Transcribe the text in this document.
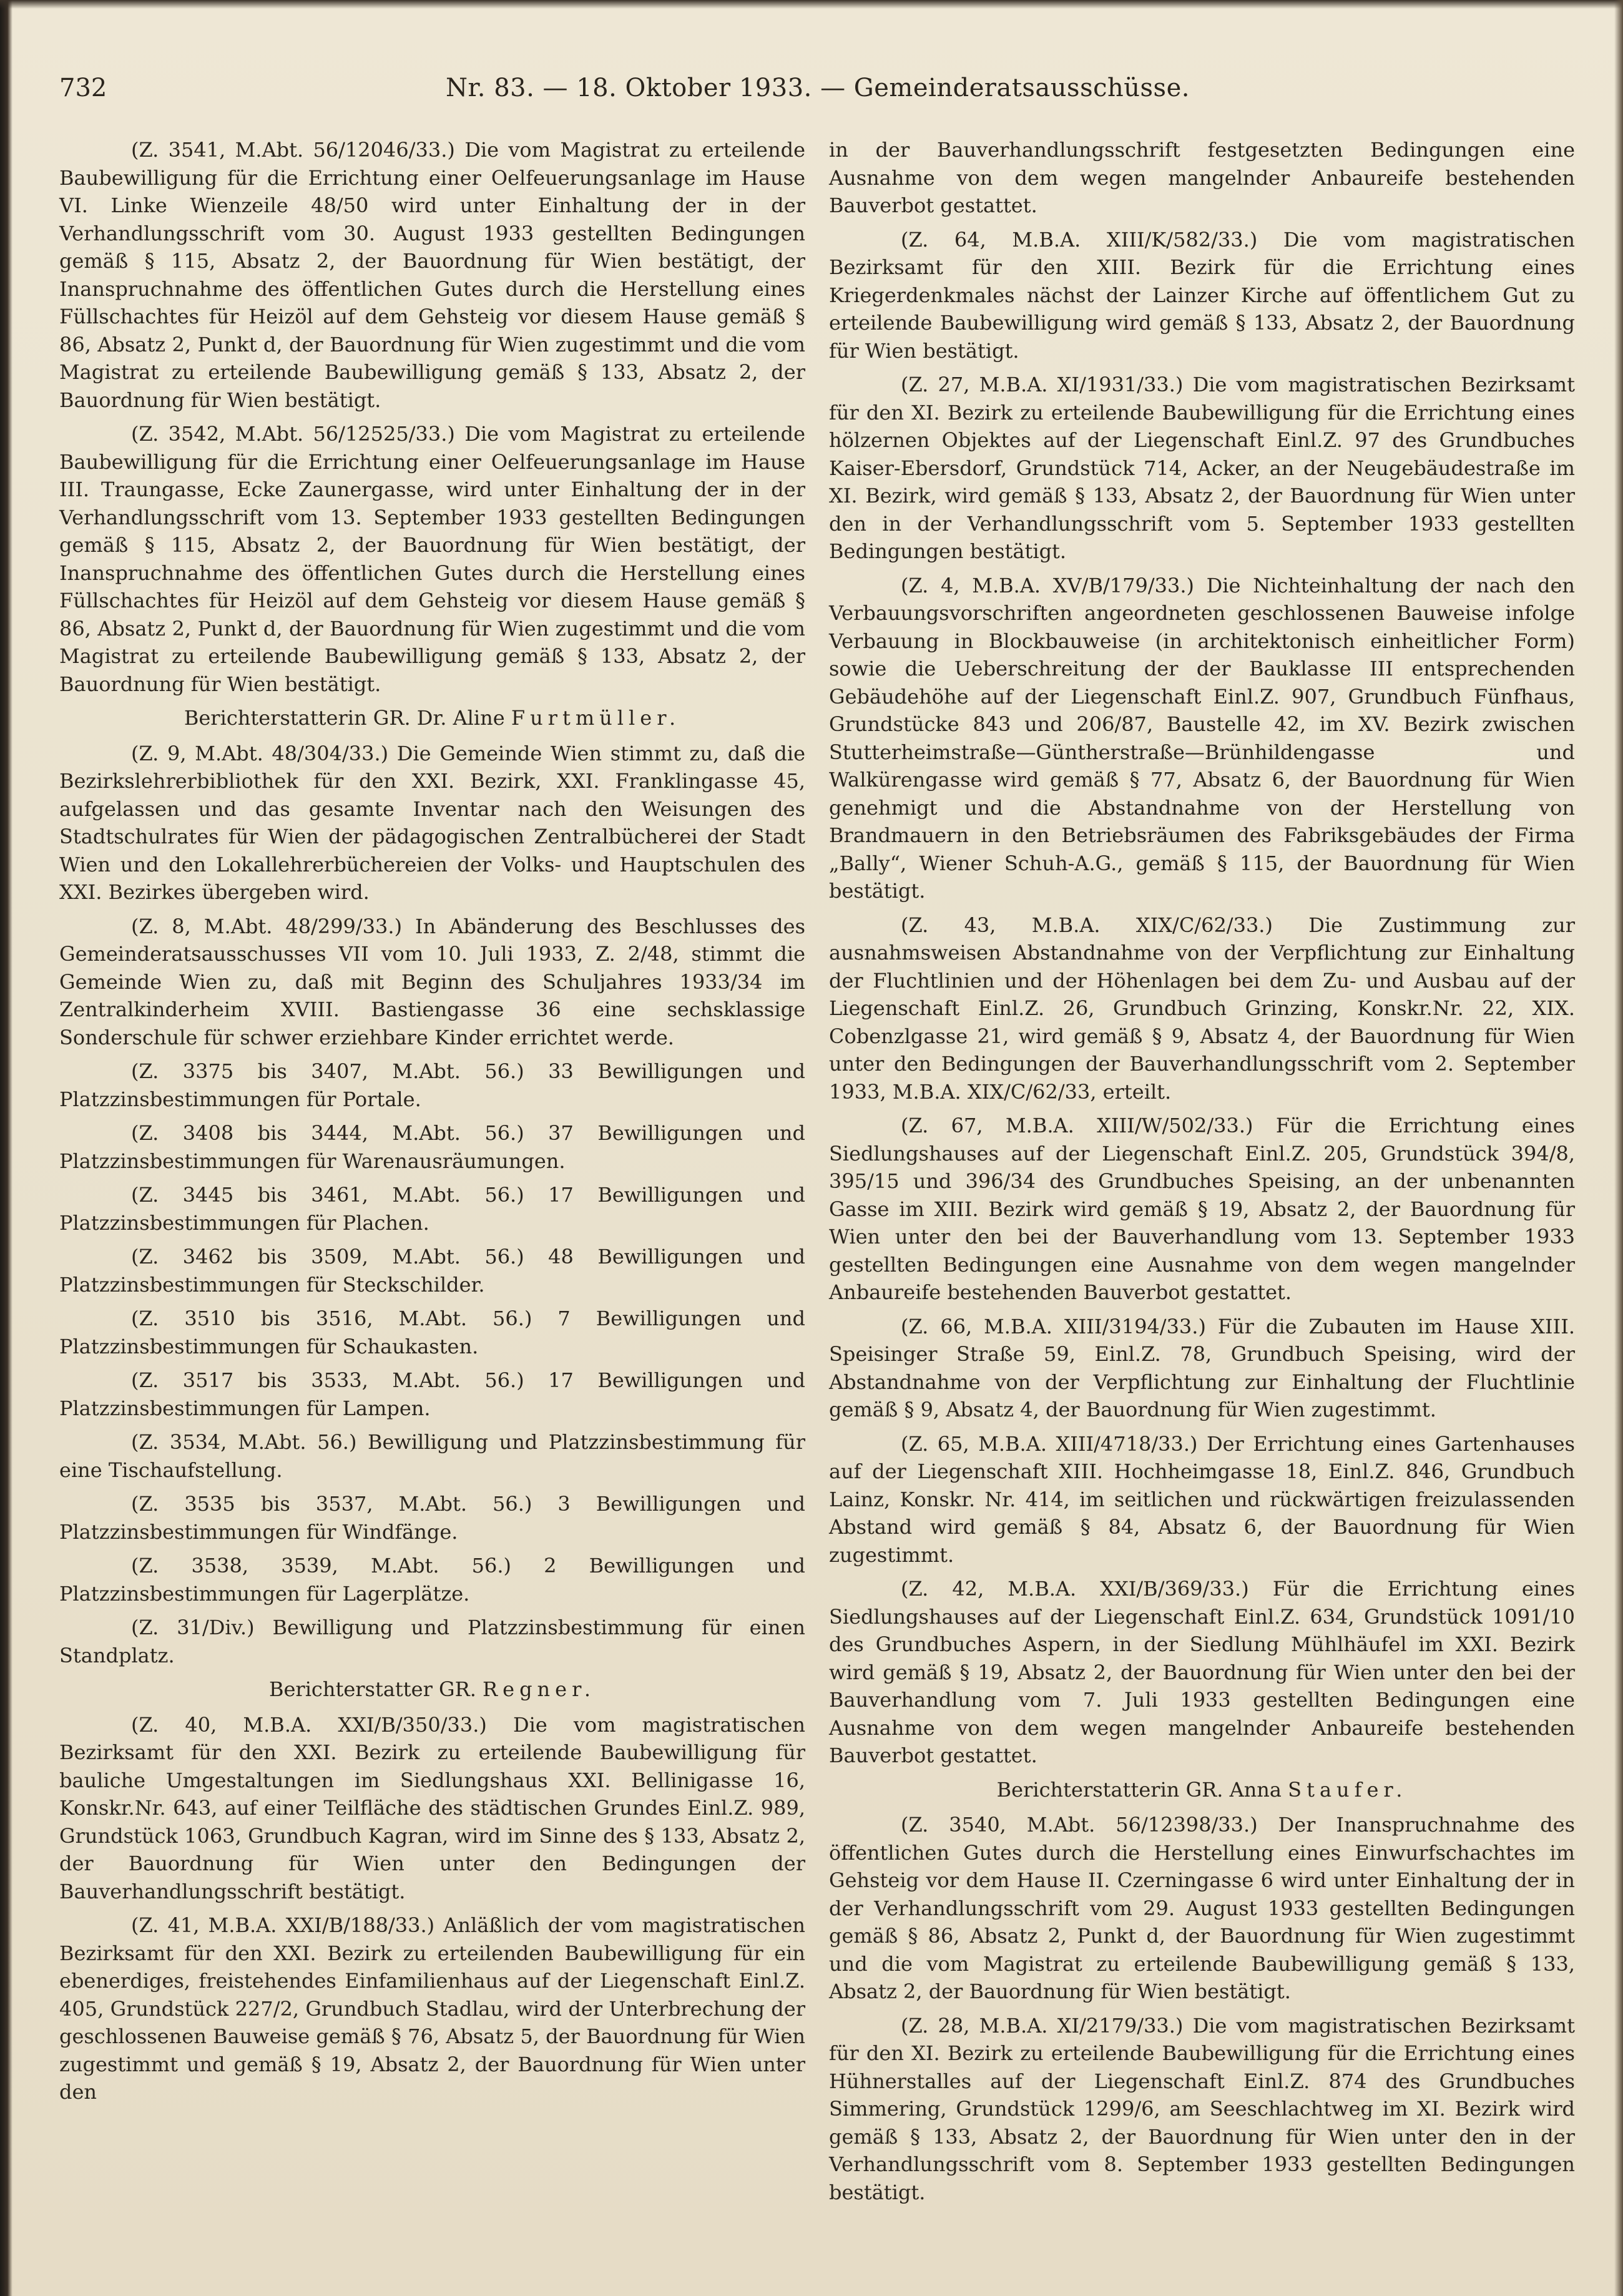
732	Nr. 83. — 18. Oktober 1933. — Gemeinderatsausschüsse.

(Z. 3541, M.Abt. 56/12046/33.) Die vom Magistrat zu erteilende Baubewilligung für die Errichtung einer Oelfeuerungsanlage im Hause VI. Linke Wienzeile 48/50 wird unter Einhaltung der in der Verhandlungsschrift vom 30. August 1933 gestellten Bedingungen gemäß § 115, Absatz 2, der Bauordnung für Wien bestätigt, der Inanspruchnahme des öffentlichen Gutes durch die Herstellung eines Füllschachtes für Heizöl auf dem Gehsteig vor diesem Hause gemäß § 86, Absatz 2, Punkt d, der Bauordnung für Wien zugestimmt und die vom Magistrat zu erteilende Baubewilligung gemäß § 133, Absatz 2, der Bauordnung für Wien bestätigt.

(Z. 3542, M.Abt. 56/12525/33.) Die vom Magistrat zu erteilende Baubewilligung für die Errichtung einer Oelfeuerungsanlage im Hause III. Traungasse, Ecke Zaunergasse, wird unter Einhaltung der in der Verhandlungsschrift vom 13. September 1933 gestellten Bedingungen gemäß § 115, Absatz 2, der Bauordnung für Wien bestätigt, der Inanspruchnahme des öffentlichen Gutes durch die Herstellung eines Füllschachtes für Heizöl auf dem Gehsteig vor diesem Hause gemäß § 86, Absatz 2, Punkt d, der Bauordnung für Wien zugestimmt und die vom Magistrat zu erteilende Baubewilligung gemäß § 133, Absatz 2, der Bauordnung für Wien bestätigt.

Berichterstatterin GR. Dr. Aline Furtmüller.

(Z. 9, M.Abt. 48/304/33.) Die Gemeinde Wien stimmt zu, daß die Bezirkslehrerbibliothek für den XXI. Bezirk, XXI. Franklingasse 45, aufgelassen und das gesamte Inventar nach den Weisungen des Stadtschulrates für Wien der pädagogischen Zentralbücherei der Stadt Wien und den Lokallehrerbüchereien der Volks- und Hauptschulen des XXI. Bezirkes übergeben wird.

(Z. 8, M.Abt. 48/299/33.) In Abänderung des Beschlusses des Gemeinderatsausschusses VII vom 10. Juli 1933, Z. 2/48, stimmt die Gemeinde Wien zu, daß mit Beginn des Schuljahres 1933/34 im Zentralkinderheim XVIII. Bastiengasse 36 eine sechsklassige Sonderschule für schwer erziehbare Kinder errichtet werde.

(Z. 3375 bis 3407, M.Abt. 56.) 33 Bewilligungen und Platzzinsbestimmungen für Portale.

(Z. 3408 bis 3444, M.Abt. 56.) 37 Bewilligungen und Platzzinsbestimmungen für Warenausräumungen.

(Z. 3445 bis 3461, M.Abt. 56.) 17 Bewilligungen und Platzzinsbestimmungen für Plachen.

(Z. 3462 bis 3509, M.Abt. 56.) 48 Bewilligungen und Platzzinsbestimmungen für Steckschilder.

(Z. 3510 bis 3516, M.Abt. 56.) 7 Bewilligungen und Platzzinsbestimmungen für Schaukasten.

(Z. 3517 bis 3533, M.Abt. 56.) 17 Bewilligungen und Platzzinsbestimmungen für Lampen.

(Z. 3534, M.Abt. 56.) Bewilligung und Platzzinsbestimmung für eine Tischaufstellung.

(Z. 3535 bis 3537, M.Abt. 56.) 3 Bewilligungen und Platzzinsbestimmungen für Windfänge.

(Z. 3538, 3539, M.Abt. 56.) 2 Bewilligungen und Platzzinsbestimmungen für Lagerplätze.

(Z. 31/Div.) Bewilligung und Platzzinsbestimmung für einen Standplatz.

Berichterstatter GR. Regner.

(Z. 40, M.B.A. XXI/B/350/33.) Die vom magistratischen Bezirksamt für den XXI. Bezirk zu erteilende Baubewilligung für bauliche Umgestaltungen im Siedlungshaus XXI. Bellinigasse 16, Konskr.Nr. 643, auf einer Teilfläche des städtischen Grundes Einl.Z. 989, Grundstück 1063, Grundbuch Kagran, wird im Sinne des § 133, Absatz 2, der Bauordnung für Wien unter den Bedingungen der Bauverhandlungsschrift bestätigt.

(Z. 41, M.B.A. XXI/B/188/33.) Anläßlich der vom magistratischen Bezirksamt für den XXI. Bezirk zu erteilenden Baubewilligung für ein ebenerdiges, freistehendes Einfamilienhaus auf der Liegenschaft Einl.Z. 405, Grundstück 227/2, Grundbuch Stadlau, wird der Unterbrechung der geschlossenen Bauweise gemäß § 76, Absatz 5, der Bauordnung für Wien zugestimmt und gemäß § 19, Absatz 2, der Bauordnung für Wien unter den

in der Bauverhandlungsschrift festgesetzten Bedingungen eine Ausnahme von dem wegen mangelnder Anbaureife bestehenden Bauverbot gestattet.

(Z. 64, M.B.A. XIII/K/582/33.) Die vom magistratischen Bezirksamt für den XIII. Bezirk für die Errichtung eines Kriegerdenkmales nächst der Lainzer Kirche auf öffentlichem Gut zu erteilende Baubewilligung wird gemäß § 133, Absatz 2, der Bauordnung für Wien bestätigt.

(Z. 27, M.B.A. XI/1931/33.) Die vom magistratischen Bezirksamt für den XI. Bezirk zu erteilende Baubewilligung für die Errichtung eines hölzernen Objektes auf der Liegenschaft Einl.Z. 97 des Grundbuches Kaiser-Ebersdorf, Grundstück 714, Acker, an der Neugebäudestraße im XI. Bezirk, wird gemäß § 133, Absatz 2, der Bauordnung für Wien unter den in der Verhandlungsschrift vom 5. September 1933 gestellten Bedingungen bestätigt.

(Z. 4, M.B.A. XV/B/179/33.) Die Nichteinhaltung der nach den Verbauungsvorschriften angeordneten geschlossenen Bauweise infolge Verbauung in Blockbauweise (in architektonisch einheitlicher Form) sowie die Ueberschreitung der der Bauklasse III entsprechenden Gebäudehöhe auf der Liegenschaft Einl.Z. 907, Grundbuch Fünfhaus, Grundstücke 843 und 206/87, Baustelle 42, im XV. Bezirk zwischen Stutterheimstraße—Güntherstraße—Brünhildengasse und Walkürengasse wird gemäß § 77, Absatz 6, der Bauordnung für Wien genehmigt und die Abstandnahme von der Herstellung von Brandmauern in den Betriebsräumen des Fabriksgebäudes der Firma „Bally“, Wiener Schuh-A.G., gemäß § 115, der Bauordnung für Wien bestätigt.

(Z. 43, M.B.A. XIX/C/62/33.) Die Zustimmung zur ausnahmsweisen Abstandnahme von der Verpflichtung zur Einhaltung der Fluchtlinien und der Höhenlagen bei dem Zu- und Ausbau auf der Liegenschaft Einl.Z. 26, Grundbuch Grinzing, Konskr.Nr. 22, XIX. Cobenzlgasse 21, wird gemäß § 9, Absatz 4, der Bauordnung für Wien unter den Bedingungen der Bauverhandlungsschrift vom 2. September 1933, M.B.A. XIX/C/62/33, erteilt.

(Z. 67, M.B.A. XIII/W/502/33.) Für die Errichtung eines Siedlungshauses auf der Liegenschaft Einl.Z. 205, Grundstück 394/8, 395/15 und 396/34 des Grundbuches Speising, an der unbenannten Gasse im XIII. Bezirk wird gemäß § 19, Absatz 2, der Bauordnung für Wien unter den bei der Bauverhandlung vom 13. September 1933 gestellten Bedingungen eine Ausnahme von dem wegen mangelnder Anbaureife bestehenden Bauverbot gestattet.

(Z. 66, M.B.A. XIII/3194/33.) Für die Zubauten im Hause XIII. Speisinger Straße 59, Einl.Z. 78, Grundbuch Speising, wird der Abstandnahme von der Verpflichtung zur Einhaltung der Fluchtlinie gemäß § 9, Absatz 4, der Bauordnung für Wien zugestimmt.

(Z. 65, M.B.A. XIII/4718/33.) Der Errichtung eines Gartenhauses auf der Liegenschaft XIII. Hochheimgasse 18, Einl.Z. 846, Grundbuch Lainz, Konskr. Nr. 414, im seitlichen und rückwärtigen freizulassenden Abstand wird gemäß § 84, Absatz 6, der Bauordnung für Wien zugestimmt.

(Z. 42, M.B.A. XXI/B/369/33.) Für die Errichtung eines Siedlungshauses auf der Liegenschaft Einl.Z. 634, Grundstück 1091/10 des Grundbuches Aspern, in der Siedlung Mühlhäufel im XXI. Bezirk wird gemäß § 19, Absatz 2, der Bauordnung für Wien unter den bei der Bauverhandlung vom 7. Juli 1933 gestellten Bedingungen eine Ausnahme von dem wegen mangelnder Anbaureife bestehenden Bauverbot gestattet.

Berichterstatterin GR. Anna Staufer.

(Z. 3540, M.Abt. 56/12398/33.) Der Inanspruchnahme des öffentlichen Gutes durch die Herstellung eines Einwurfschachtes im Gehsteig vor dem Hause II. Czerningasse 6 wird unter Einhaltung der in der Verhandlungsschrift vom 29. August 1933 gestellten Bedingungen gemäß § 86, Absatz 2, Punkt d, der Bauordnung für Wien zugestimmt und die vom Magistrat zu erteilende Baubewilligung gemäß § 133, Absatz 2, der Bauordnung für Wien bestätigt.

(Z. 28, M.B.A. XI/2179/33.) Die vom magistratischen Bezirksamt für den XI. Bezirk zu erteilende Baubewilligung für die Errichtung eines Hühnerstalles auf der Liegenschaft Einl.Z. 874 des Grundbuches Simmering, Grundstück 1299/6, am Seeschlachtweg im XI. Bezirk wird gemäß § 133, Absatz 2, der Bauordnung für Wien unter den in der Verhandlungsschrift vom 8. September 1933 gestellten Bedingungen bestätigt.
